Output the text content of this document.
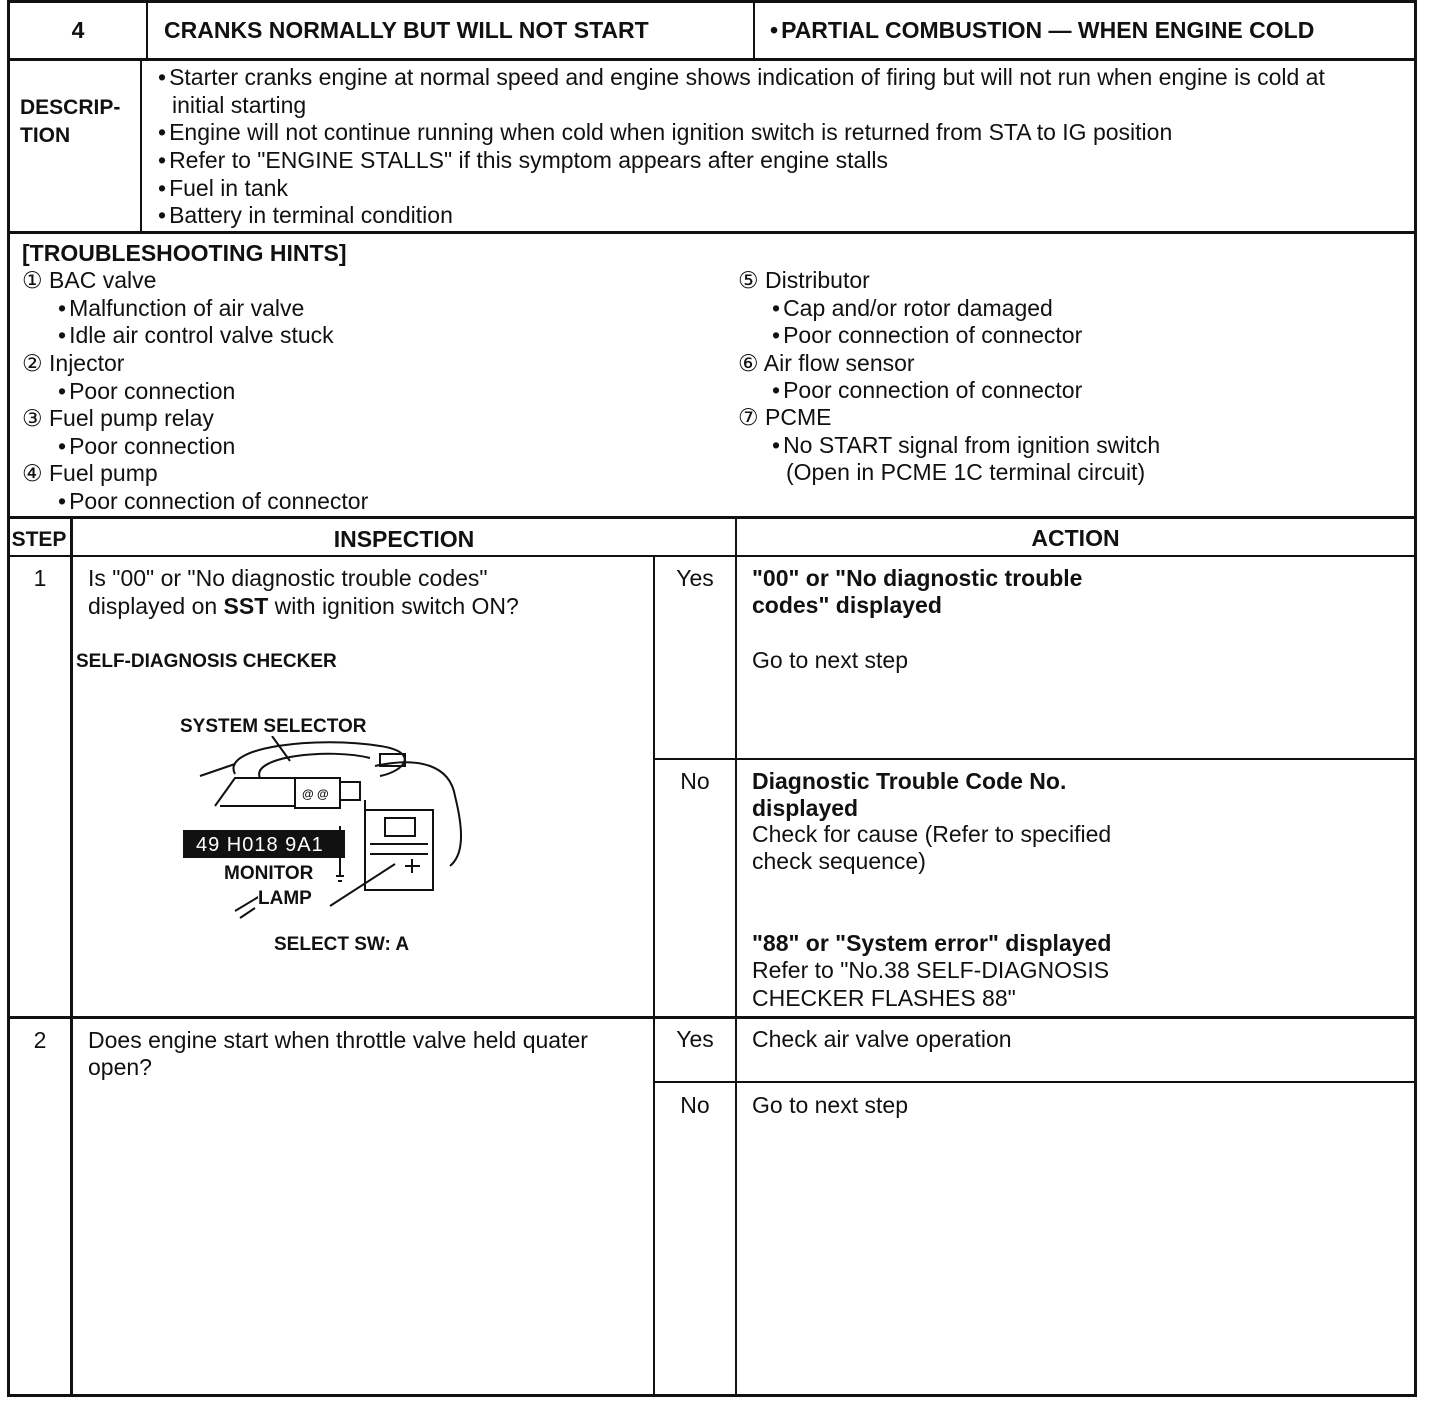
4	CRANKS NORMALLY BUT WILL NOT START
•	PARTIAL COMBUSTION — WHEN ENGINE COLD
DESCRIP-
TION
• Starter cranks engine at normal speed and engine shows indication of firing but will not run when engine is cold at
initial starting
• Engine will not continue running when cold when ignition switch is returned from STA to IG position
• Refer to "ENGINE STALLS" if this symptom appears after engine stalls
• Fuel in tank
• Battery in terminal condition
[TROUBLESHOOTING HINTS]
① BAC valve
• Malfunction of air valve
• Idle air control valve stuck
② Injector
• Poor connection
③ Fuel pump relay
• Poor connection
④ Fuel pump
• Poor connection of connector
⑤ Distributor
• Cap and/or rotor damaged
• Poor connection of connector
⑥ Air flow sensor
• Poor connection of connector
⑦ PCME
• No START signal from ignition switch
(Open in PCME 1C terminal circuit)
STEP	INSPECTION	ACTION
1	Is "00" or "No diagnostic trouble codes"
displayed on SST with ignition switch ON?
SELF-DIAGNOSIS CHECKER
SYSTEM SELECTOR
@ @
49 H018 9A1
MONITOR
LAMP
SELECT SW: A
Yes	"00" or "No diagnostic trouble
codes" displayed
Go to next step
No	Diagnostic Trouble Code No.
displayed
Check for cause (Refer to specified
check sequence)
"88" or "System error" displayed
Refer to "No.38 SELF-DIAGNOSIS
CHECKER FLASHES 88"
2	Does engine start when throttle valve held quater
open?
Yes	Check air valve operation
No	Go to next step
